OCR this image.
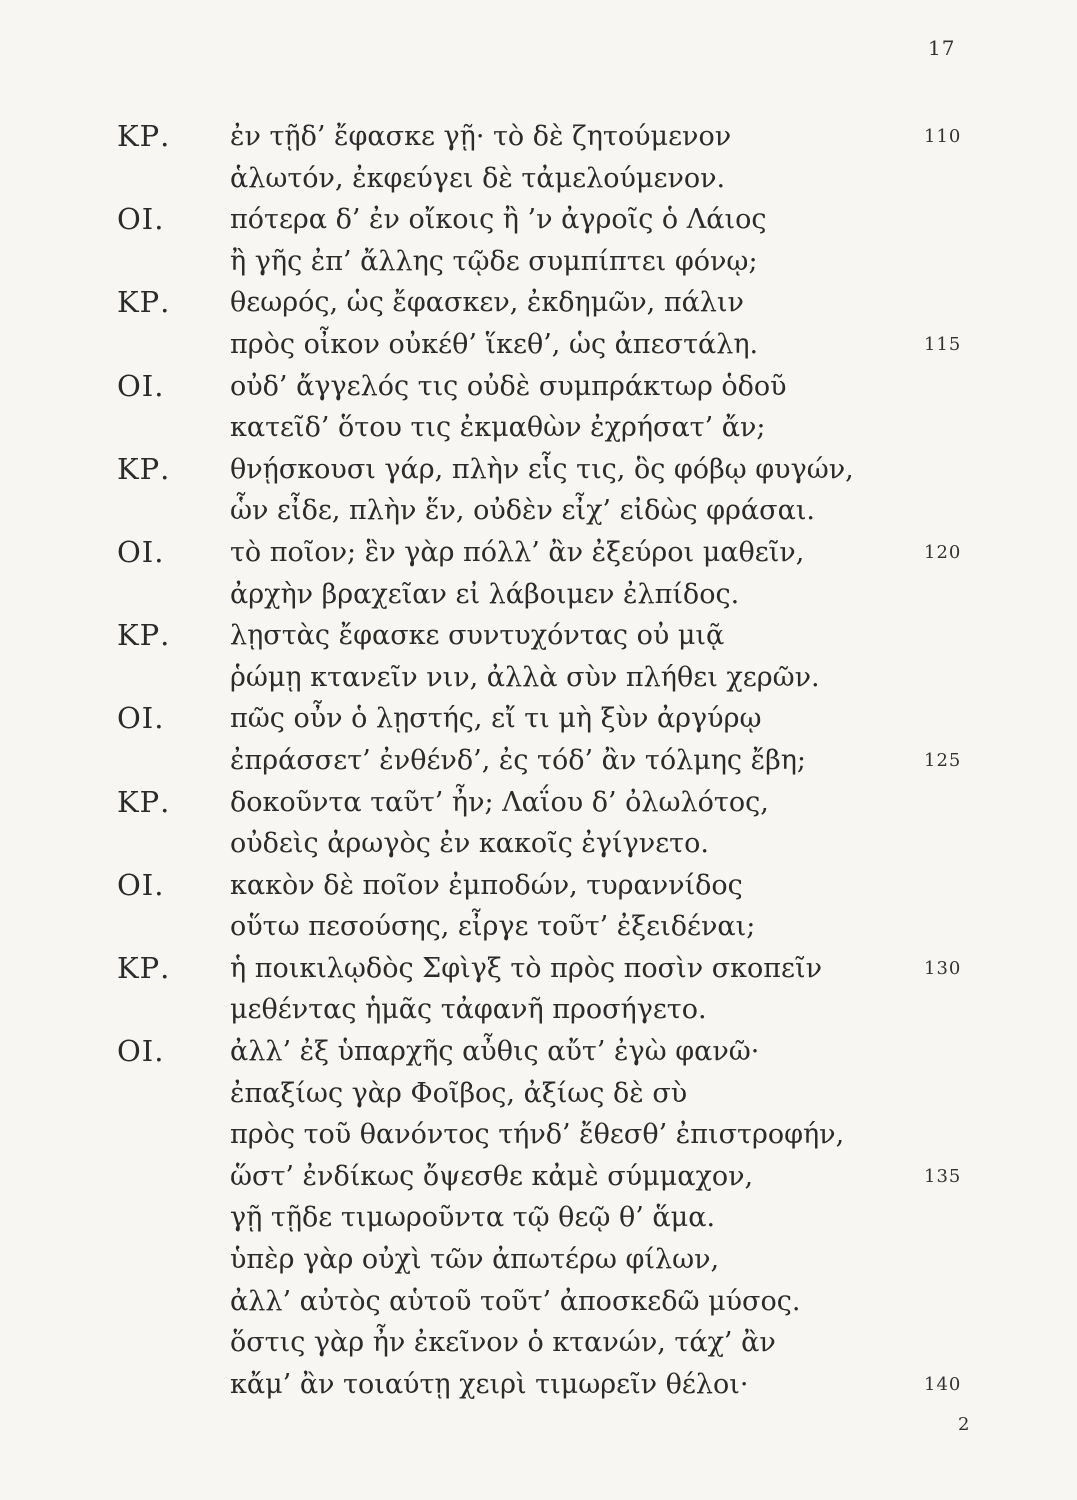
17
ΚΡ. ἐν τῇδ’ ἔφασκε γῇ· τὸ δὲ ζητούμενον	110
ἁλωτόν, ἐκφεύγει δὲ τἀμελούμενον.
ΟΙ. πότερα δ’ ἐν οἴκοις ἢ ’ν ἀγροῖς ὁ Λάιος
ἢ γῆς ἐπ’ ἄλλης τῷδε συμπίπτει φόνῳ;
ΚΡ. θεωρός, ὡς ἔφασκεν, ἐκδημῶν, πάλιν
πρὸς οἶκον οὐκέθ’ ἵκεθ’, ὡς ἀπεστάλη.	115
ΟΙ. οὐδ’ ἄγγελός τις οὐδὲ συμπράκτωρ ὁδοῦ
κατεῖδ’ ὅτου τις ἐκμαθὼν ἐχρήσατ’ ἄν;
ΚΡ. θνῄσκουσι γάρ, πλὴν εἷς τις, ὃς φόβῳ φυγών,
ὧν εἶδε, πλὴν ἕν, οὐδὲν εἶχ’ εἰδὼς φράσαι.
ΟΙ. τὸ ποῖον; ἓν γὰρ πόλλ’ ἂν ἐξεύροι μαθεῖν,	120
ἀρχὴν βραχεῖαν εἰ λάβοιμεν ἐλπίδος.
ΚΡ. λῃστὰς ἔφασκε συντυχόντας οὐ μιᾷ
ῥώμῃ κτανεῖν νιν, ἀλλὰ σὺν πλήθει χερῶν.
ΟΙ. πῶς οὖν ὁ λῃστής, εἴ τι μὴ ξὺν ἀργύρῳ
ἐπράσσετ’ ἐνθένδ’, ἐς τόδ’ ἂν τόλμης ἔβη;	125
ΚΡ. δοκοῦντα ταῦτ’ ἦν; Λαΐου δ’ ὀλωλότος,
οὐδεὶς ἀρωγὸς ἐν κακοῖς ἐγίγνετο.
ΟΙ. κακὸν δὲ ποῖον ἐμποδών, τυραννίδος
οὕτω πεσούσης, εἶργε τοῦτ’ ἐξειδέναι;
ΚΡ. ἡ ποικιλῳδὸς Σφὶγξ τὸ πρὸς ποσὶν σκοπεῖν	130
μεθέντας ἡμᾶς τἀφανῆ προσήγετο.
ΟΙ. ἀλλ’ ἐξ ὑπαρχῆς αὖθις αὔτ’ ἐγὼ φανῶ·
ἐπαξίως γὰρ Φοῖβος, ἀξίως δὲ σὺ
πρὸς τοῦ θανόντος τήνδ’ ἔθεσθ’ ἐπιστροφήν,
ὥστ’ ἐνδίκως ὄψεσθε κἀμὲ σύμμαχον,	135
γῇ τῇδε τιμωροῦντα τῷ θεῷ θ’ ἅμα.
ὑπὲρ γὰρ οὐχὶ τῶν ἀπωτέρω φίλων,
ἀλλ’ αὐτὸς αὑτοῦ τοῦτ’ ἀποσκεδῶ μύσος.
ὅστις γὰρ ἦν ἐκεῖνον ὁ κτανών, τάχ’ ἂν
κἄμ’ ἂν τοιαύτῃ χειρὶ τιμωρεῖν θέλοι·	140
2
